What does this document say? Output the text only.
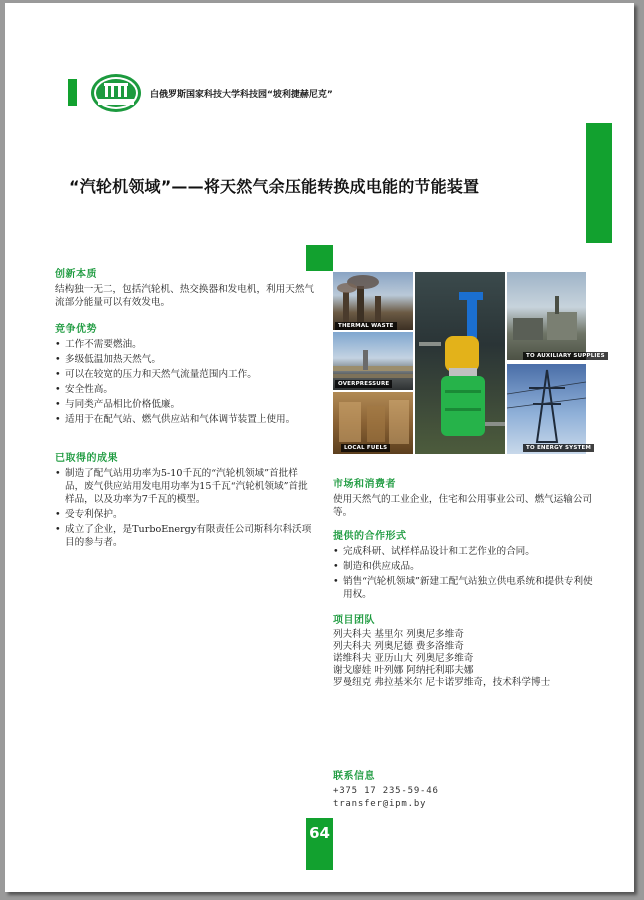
白俄罗斯国家科技大学科技园“坡利捷赫尼克”
“汽轮机领域”——将天然气余压能转换成电能的节能装置
创新本质

结构独一无二，包括汽轮机、热交换器和发电机，利用天然气流部分能量可以有效发电。

竞争优势
• 工作不需要燃油。
• 多级低温加热天然气。
• 可以在较宽的压力和天然气流量范围内工作。
• 安全性高。
• 与同类产品相比价格低廉。
• 适用于在配气站、燃气供应站和气体调节装置上使用。
已取得的成果
• 制造了配气站用功率为5-10千瓦的“汽轮机领域”首批样品，废气供应站用发电用功率为15千瓦“汽轮机领域”首批样品，以及功率为7千瓦的模型。
• 受专利保护。
• 成立了企业，是TurboEnergy有限责任公司斯科尔科沃项目的参与者。
THERMAL WASTE
OVERPRESSURE
LOCAL FUELS
TO AUXILIARY SUPPLIES
TO ENERGY SYSTEM
市场和消费者

使用天然气的工业企业，住宅和公用事业公司、燃气运输公司等。

提供的合作形式
• 完成科研、试样样品设计和工艺作业的合同。
• 制造和供应成品。
• 销售“汽轮机领域”新建工配气站独立供电系统和提供专利使用权。
项目团队
列夫科夫 基里尔 列奥尼多维奇
列夫科夫 列奥尼德 费多洛维奇
诺维科夫 亚历山大 列奥尼多维奇
谢戈廖娃 叶列娜 阿纳托利耶夫娜
罗曼纽克 弗拉基米尔 尼卡诺罗维奇，技术科学博士
联系信息
+375 17 235-59-46
transfer@ipm.by
64
